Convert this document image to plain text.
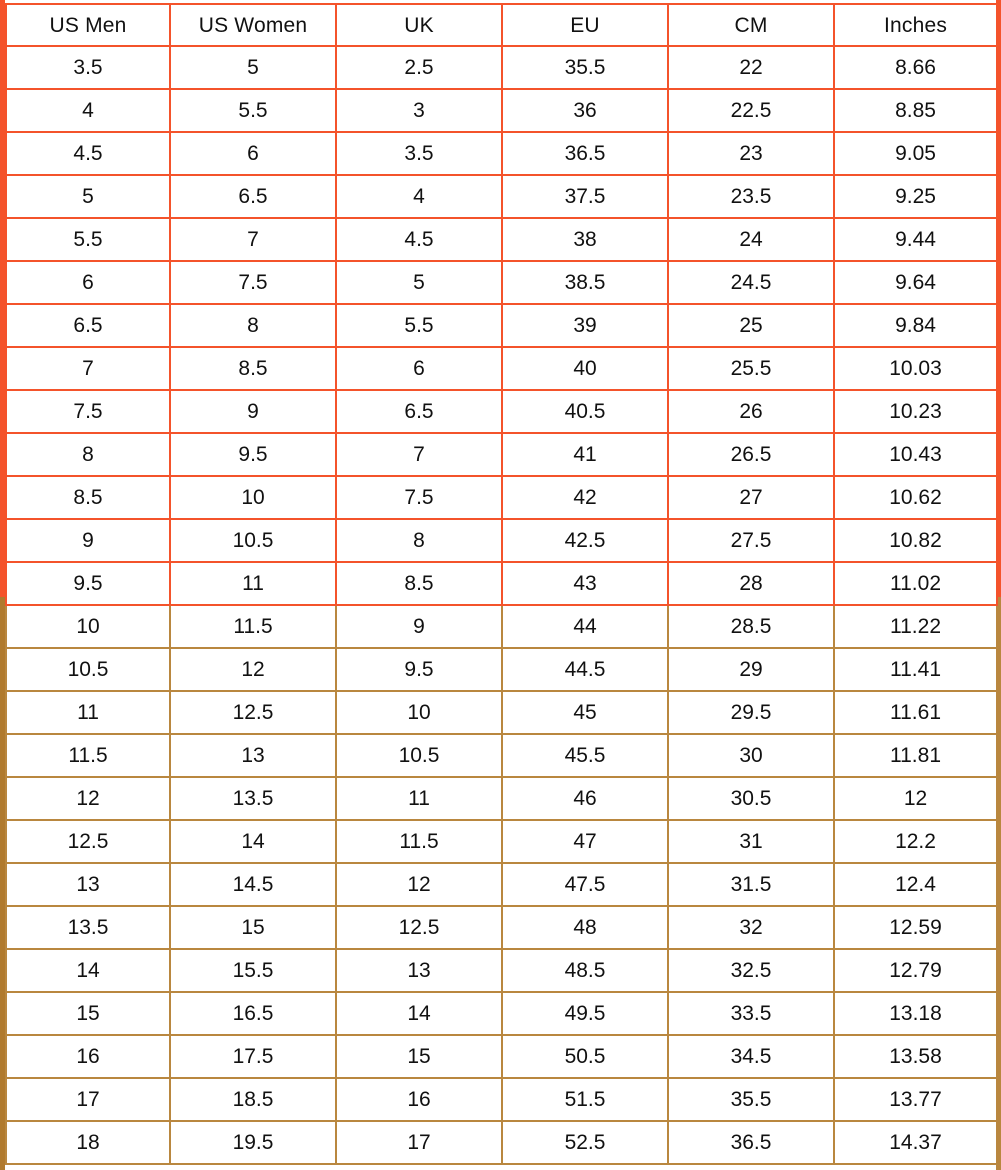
US Men	US Women	UK	EU	CM	Inches
3.5	5	2.5	35.5	22	8.66
4	5.5	3	36	22.5	8.85
4.5	6	3.5	36.5	23	9.05
5	6.5	4	37.5	23.5	9.25
5.5	7	4.5	38	24	9.44
6	7.5	5	38.5	24.5	9.64
6.5	8	5.5	39	25	9.84
7	8.5	6	40	25.5	10.03
7.5	9	6.5	40.5	26	10.23
8	9.5	7	41	26.5	10.43
8.5	10	7.5	42	27	10.62
9	10.5	8	42.5	27.5	10.82
9.5	11	8.5	43	28	11.02
10	11.5	9	44	28.5	11.22
10.5	12	9.5	44.5	29	11.41
11	12.5	10	45	29.5	11.61
11.5	13	10.5	45.5	30	11.81
12	13.5	11	46	30.5	12
12.5	14	11.5	47	31	12.2
13	14.5	12	47.5	31.5	12.4
13.5	15	12.5	48	32	12.59
14	15.5	13	48.5	32.5	12.79
15	16.5	14	49.5	33.5	13.18
16	17.5	15	50.5	34.5	13.58
17	18.5	16	51.5	35.5	13.77
18	19.5	17	52.5	36.5	14.37
